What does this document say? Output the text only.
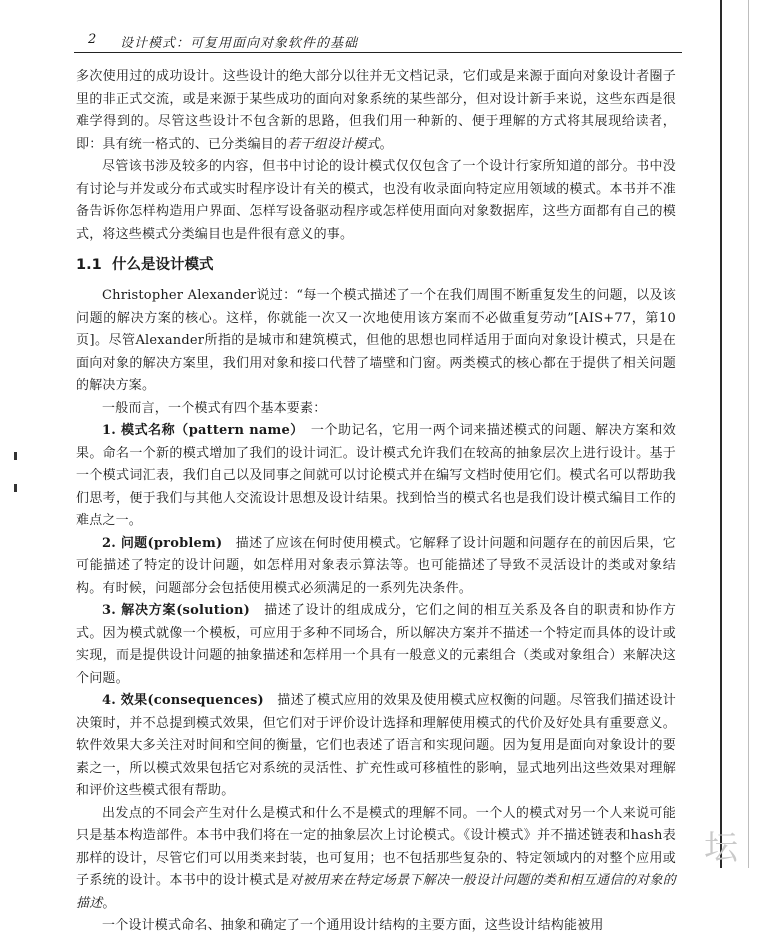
2 设计模式：可复用面向对象软件的基础

多次使用过的成功设计。这些设计的绝大部分以往并无文档记录，它们或是来源于面向对象设计者圈子里的非正式交流，或是来源于某些成功的面向对象系统的某些部分，但对设计新手来说，这些东西是很难学得到的。尽管这些设计不包含新的思路，但我们用一种新的、便于理解的方式将其展现给读者，即：具有统一格式的、已分类编目的若干组设计模式。

尽管该书涉及较多的内容，但书中讨论的设计模式仅仅包含了一个设计行家所知道的部分。书中没有讨论与并发或分布式或实时程序设计有关的模式，也没有收录面向特定应用领域的模式。本书并不准备告诉你怎样构造用户界面、怎样写设备驱动程序或怎样使用面向对象数据库，这些方面都有自己的模式，将这些模式分类编目也是件很有意义的事。

1.1 什么是设计模式

Christopher Alexander说过：“每一个模式描述了一个在我们周围不断重复发生的问题，以及该问题的解决方案的核心。这样，你就能一次又一次地使用该方案而不必做重复劳动”[AIS+77，第10页]。尽管Alexander所指的是城市和建筑模式，但他的思想也同样适用于面向对象设计模式，只是在面向对象的解决方案里，我们用对象和接口代替了墙壁和门窗。两类模式的核心都在于提供了相关问题的解决方案。

一般而言，一个模式有四个基本要素：

1. 模式名称（pattern name）　 一个助记名，它用一两个词来描述模式的问题、解决方案和效果。命名一个新的模式增加了我们的设计词汇。设计模式允许我们在较高的抽象层次上进行设计。基于一个模式词汇表，我们自己以及同事之间就可以讨论模式并在编写文档时使用它们。模式名可以帮助我们思考，便于我们与其他人交流设计思想及设计结果。找到恰当的模式名也是我们设计模式编目工作的难点之一。

2. 问题(problem)　 描述了应该在何时使用模式。它解释了设计问题和问题存在的前因后果，它可能描述了特定的设计问题，如怎样用对象表示算法等。也可能描述了导致不灵活设计的类或对象结构。有时候，问题部分会包括使用模式必须满足的一系列先决条件。

3. 解决方案(solution)　 描述了设计的组成成分，它们之间的相互关系及各自的职责和协作方式。因为模式就像一个模板，可应用于多种不同场合，所以解决方案并不描述一个特定而具体的设计或实现，而是提供设计问题的抽象描述和怎样用一个具有一般意义的元素组合（类或对象组合）来解决这个问题。

4. 效果(consequences)　 描述了模式应用的效果及使用模式应权衡的问题。尽管我们描述设计决策时，并不总提到模式效果，但它们对于评价设计选择和理解使用模式的代价及好处具有重要意义。软件效果大多关注对时间和空间的衡量，它们也表述了语言和实现问题。因为复用是面向对象设计的要素之一，所以模式效果包括它对系统的灵活性、扩充性或可移植性的影响，显式地列出这些效果对理解和评价这些模式很有帮助。

出发点的不同会产生对什么是模式和什么不是模式的理解不同。一个人的模式对另一个人来说可能只是基本构造部件。本书中我们将在一定的抽象层次上讨论模式。《设计模式》并不描述链表和hash表那样的设计，尽管它们可以用类来封装，也可复用；也不包括那些复杂的、特定领域内的对整个应用或子系统的设计。本书中的设计模式是对被用来在特定场景下解决一般设计问题的类和相互通信的对象的描述。

一个设计模式命名、抽象和确定了一个通用设计结构的主要方面，这些设计结构能被用

坛
